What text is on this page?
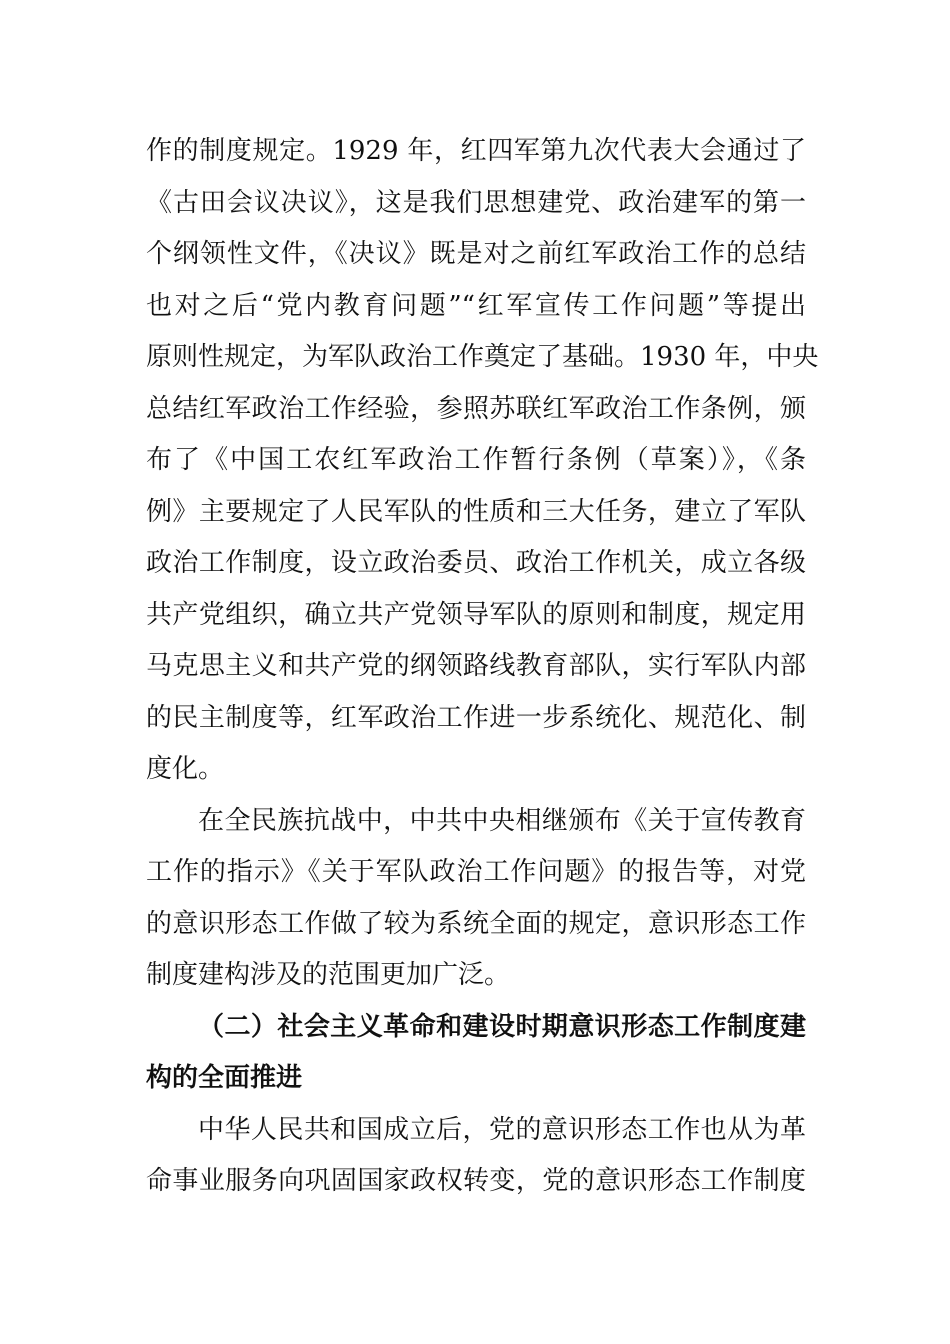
作的制度规定。1929 年，红四军第九次代表大会通过了
《古田会议决议》，这是我们思想建党、政治建军的第一
个纲领性文件，《决议》既是对之前红军政治工作的总结
也对之后“党内教育问题”“红军宣传工作问题”等提出
原则性规定，为军队政治工作奠定了基础。1930 年，中央
总结红军政治工作经验，参照苏联红军政治工作条例，颁
布了《中国工农红军政治工作暂行条例（草案）》，《条
例》主要规定了人民军队的性质和三大任务，建立了军队
政治工作制度，设立政治委员、政治工作机关，成立各级
共产党组织，确立共产党领导军队的原则和制度，规定用
马克思主义和共产党的纲领路线教育部队，实行军队内部
的民主制度等，红军政治工作进一步系统化、规范化、制
度化。
在全民族抗战中，中共中央相继颁布《关于宣传教育
工作的指示》《关于军队政治工作问题》的报告等，对党
的意识形态工作做了较为系统全面的规定，意识形态工作
制度建构涉及的范围更加广泛。
（二）社会主义革命和建设时期意识形态工作制度建
构的全面推进
中华人民共和国成立后，党的意识形态工作也从为革
命事业服务向巩固国家政权转变，党的意识形态工作制度
